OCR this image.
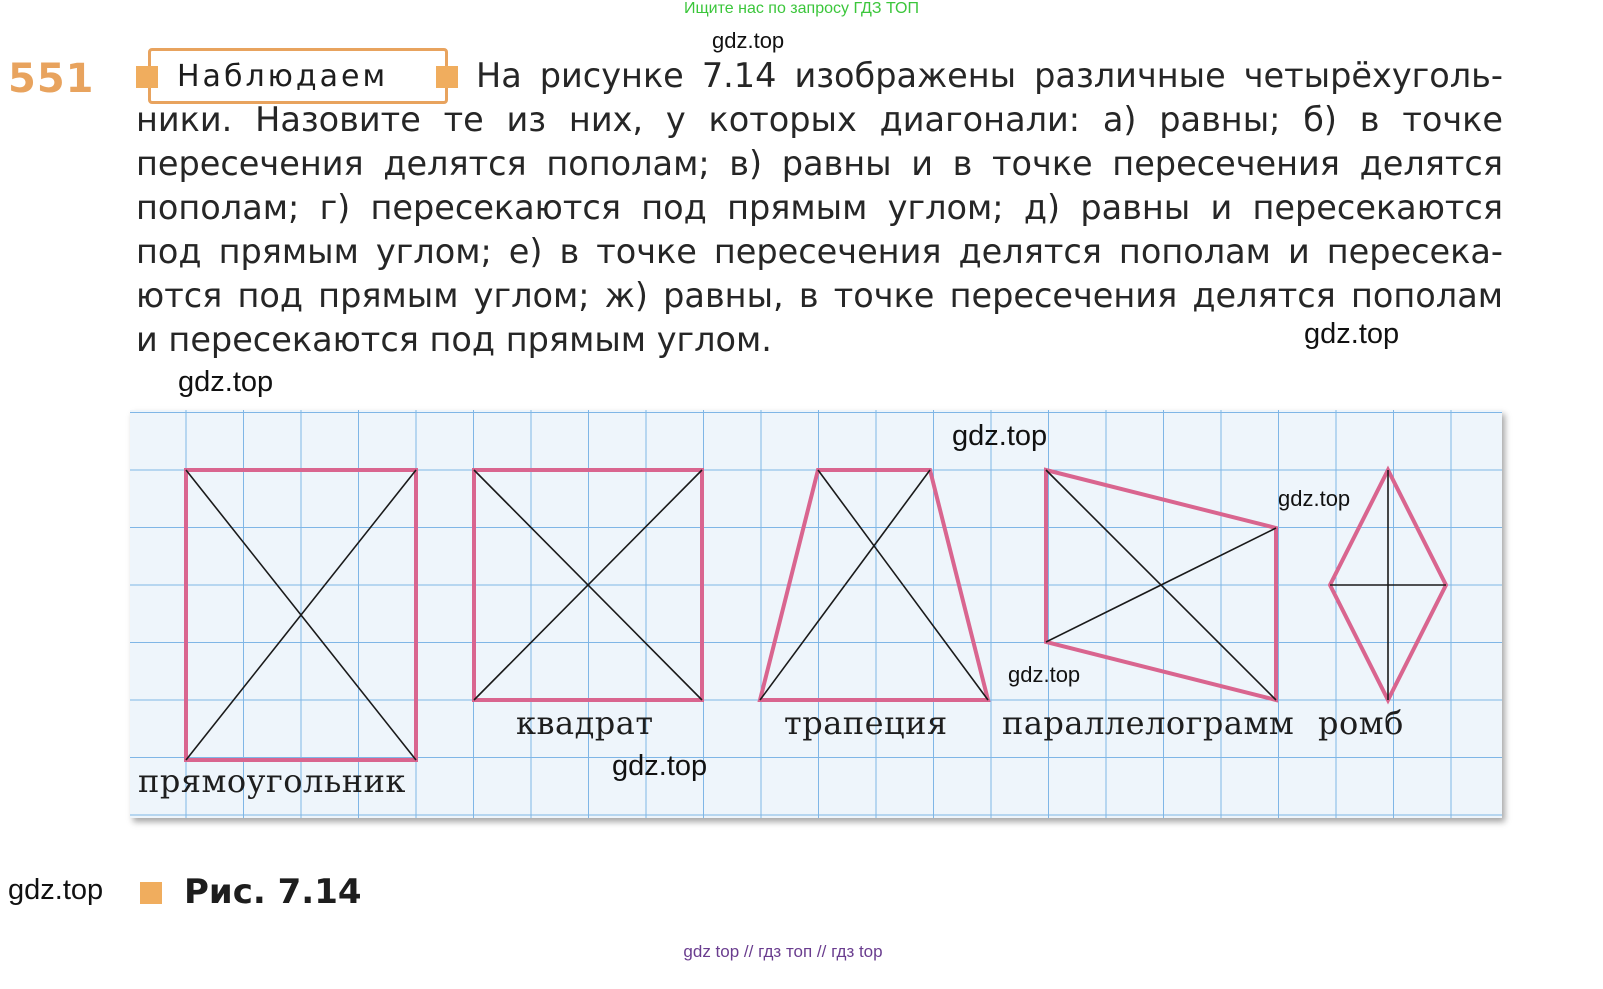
Ищите нас по запросу ГДЗ ТОП
551	Наблюдаем	На рисунке 7.14 изображены различные четырёхуголь-
ники. Назовите те из них, у которых диагонали: а) равны; б) в точке
пересечения делятся пополам; в) равны и в точке пересечения делятся
пополам; г) пересекаются под прямым углом; д) равны и пересекаются
под прямым углом; е) в точке пересечения делятся пополам и пересека-
ются под прямым углом; ж) равны, в точке пересечения делятся пополам
и пересекаются под прямым углом.
прямоугольник
квадрат	трапеция параллелограмм ромб
Рис. 7.14
gdz.top
gdz.top
gdz.top
gdz.top
gdz.top
gdz.top
gdz.top
gdz.top
gdz top // гдз топ // гдз top
